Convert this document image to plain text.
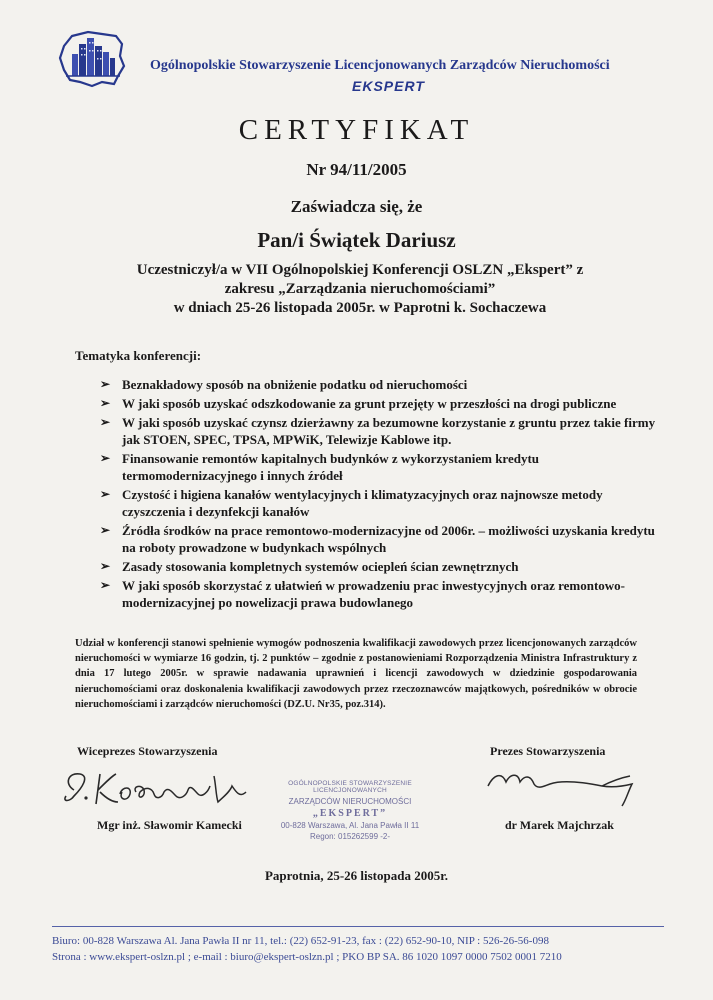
Ogólnopolskie Stowarzyszenie Licencjonowanych Zarządców Nieruchomości
EKSPERT
CERTYFIKAT
Nr 94/11/2005
Zaświadcza się, że
Pan/i Świątek Dariusz
Uczestniczył/a w VII Ogólnopolskiej Konferencji OSLZN „Ekspert” z
zakresu „Zarządzania nieruchomościami”
w dniach 25-26 listopada 2005r. w Paprotni k. Sochaczewa
Tematyka konferencji:
➢ Beznakładowy sposób na obniżenie podatku od nieruchomości
➢ W jaki sposób uzyskać odszkodowanie za grunt przejęty w przeszłości na drogi publiczne
➢ W jaki sposób uzyskać czynsz dzierżawny za bezumowne korzystanie z gruntu przez takie firmy jak STOEN, SPEC, TPSA, MPWiK, Telewizje Kablowe itp.
➢ Finansowanie remontów kapitalnych budynków z wykorzystaniem kredytu termomodernizacyjnego i innych źródeł
➢ Czystość i higiena kanałów wentylacyjnych i klimatyzacyjnych oraz najnowsze metody czyszczenia i dezynfekcji kanałów
➢ Źródła środków na prace remontowo-modernizacyjne od 2006r. – możliwości uzyskania kredytu na roboty prowadzone w budynkach wspólnych
➢ Zasady stosowania kompletnych systemów ociepleń ścian zewnętrznych
➢ W jaki sposób skorzystać z ułatwień w prowadzeniu prac inwestycyjnych oraz remontowo-modernizacyjnej po nowelizacji prawa budowlanego
Udział w konferencji stanowi spełnienie wymogów podnoszenia kwalifikacji zawodowych przez licencjonowanych zarządców nieruchomości w wymiarze 16 godzin, tj. 2 punktów – zgodnie z postanowieniami Rozporządzenia Ministra Infrastruktury z dnia 17 lutego 2005r. w sprawie nadawania uprawnień i licencji zawodowych w dziedzinie gospodarowania nieruchomościami oraz doskonalenia kwalifikacji zawodowych przez rzeczoznawców majątkowych, pośredników w obrocie nieruchomościami i zarządców nieruchomości (DZ.U. Nr35, poz.314).
Wiceprezes Stowarzyszenia	Prezes Stowarzyszenia
Mgr inż. Sławomir Kamecki	dr Marek Majchrzak
OGÓLNOPOLSKIE STOWARZYSZENIE LICENCJONOWANYCH
ZARZĄDCÓW NIERUCHOMOŚCI
„EKSPERT”
00-828 Warszawa, Al. Jana Pawła II 11
Regon: 015262599 -2-
Paprotnia, 25-26 listopada 2005r.
Biuro: 00-828 Warszawa Al. Jana Pawła II nr 11, tel.: (22) 652-91-23, fax : (22) 652-90-10, NIP : 526-26-56-098
Strona : www.ekspert-oslzn.pl ; e-mail : biuro@ekspert-oslzn.pl ; PKO BP SA. 86 1020 1097 0000 7502 0001 7210
